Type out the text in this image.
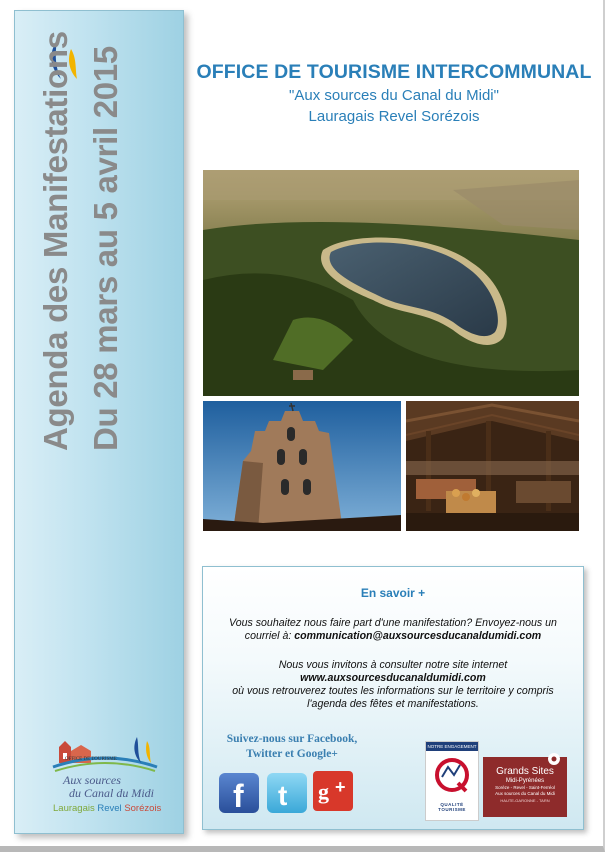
Agenda des Manifestations Du 28 mars au 5 avril 2015
OFFICE DE TOURISME
Aux sources
du Canal du Midi
Lauragais Revel Sorézois
OFFICE DE TOURISME INTERCOMMUNAL
"Aux sources du Canal du Midi"
Lauragais Revel Sorézois
En savoir +
Vous souhaitez nous faire part d'une manifestation? Envoyez-nous un courriel à: communication@auxsourcesducanaldumidi.com
Nous vous invitons à consulter notre site internet
www.auxsourcesducanaldumidi.com
où vous retrouverez toutes les informations sur le territoire y compris l'agenda des fêtes et manifestations.
Suivez-nous sur Facebook, Twitter et Google+
f t g +
NOTRE ENGAGEMENT
QUALITÉ TOURISME
Grands Sites
Midi-Pyrénées
Sorèze - Revel - Saint-Ferréol
Aux sources du Canal du Midi
HAUTE-GARONNE - TARN
